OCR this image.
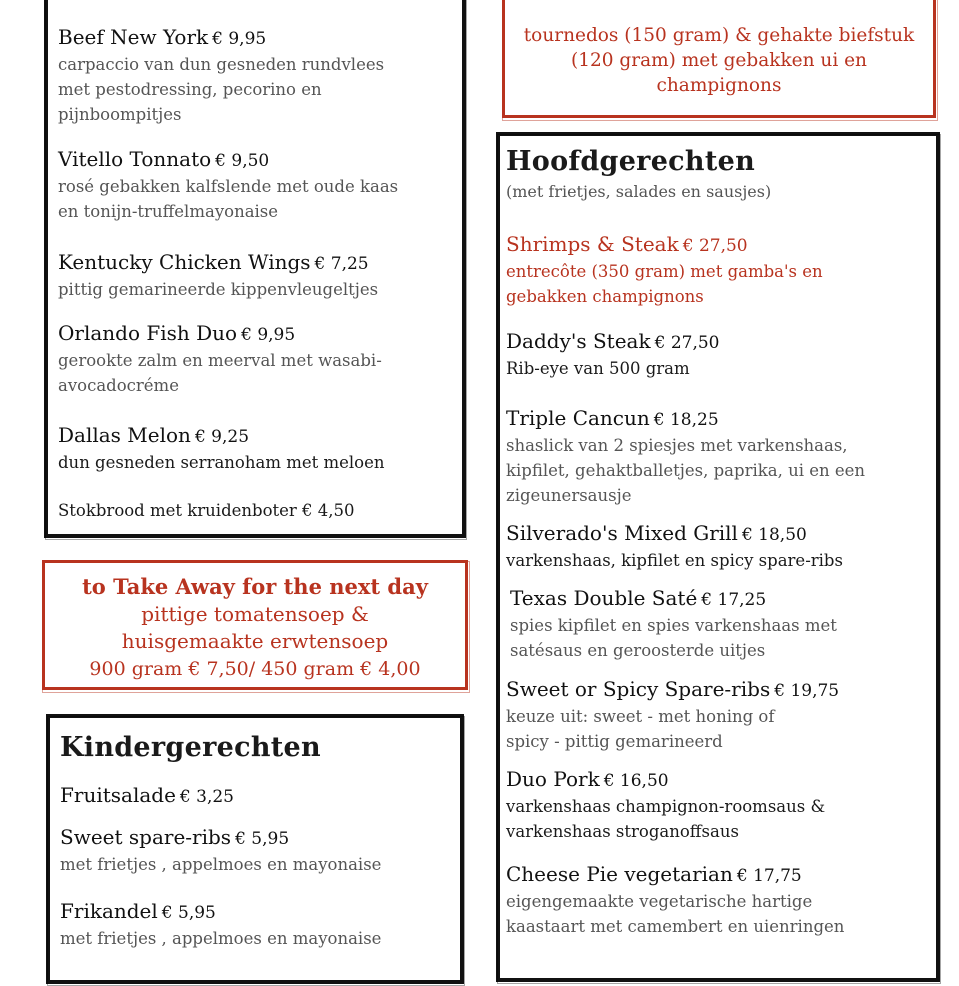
Beef New York € 9,95
carpaccio van dun gesneden rundvlees
met pestodressing, pecorino en
pijnboompitjes
Vitello Tonnato € 9,50
rosé gebakken kalfslende met oude kaas
en tonijn-truffelmayonaise
Kentucky Chicken Wings € 7,25
pittig gemarineerde kippenvleugeltjes
Orlando Fish Duo € 9,95
gerookte zalm en meerval met wasabi-
avocadocréme
Dallas Melon € 9,25
dun gesneden serranoham met meloen
Stokbrood met kruidenboter € 4,50
tournedos (150 gram) & gehakte biefstuk
(120 gram) met gebakken ui en
champignons
to Take Away for the next day
pittige tomatensoep &
huisgemaakte erwtensoep
900 gram € 7,50/ 450 gram € 4,00
Kindergerechten
Fruitsalade € 3,25
Sweet spare-ribs € 5,95
met frietjes , appelmoes en mayonaise
Frikandel € 5,95
met frietjes , appelmoes en mayonaise
Hoofdgerechten
(met frietjes, salades en sausjes)
Shrimps & Steak € 27,50
entrecôte (350 gram) met gamba's en
gebakken champignons
Daddy's Steak € 27,50
Rib-eye van 500 gram
Triple Cancun € 18,25
shaslick van 2 spiesjes met varkenshaas,
kipfilet, gehaktballetjes, paprika, ui en een
zigeunersausje
Silverado's Mixed Grill € 18,50
varkenshaas, kipfilet en spicy spare-ribs
Texas Double Saté € 17,25
spies kipfilet en spies varkenshaas met
satésaus en geroosterde uitjes
Sweet or Spicy Spare-ribs € 19,75
keuze uit: sweet - met honing of
spicy - pittig gemarineerd
Duo Pork € 16,50
varkenshaas champignon-roomsaus &
varkenshaas stroganoffsaus
Cheese Pie vegetarian € 17,75
eigengemaakte vegetarische hartige
kaastaart met camembert en uienringen
